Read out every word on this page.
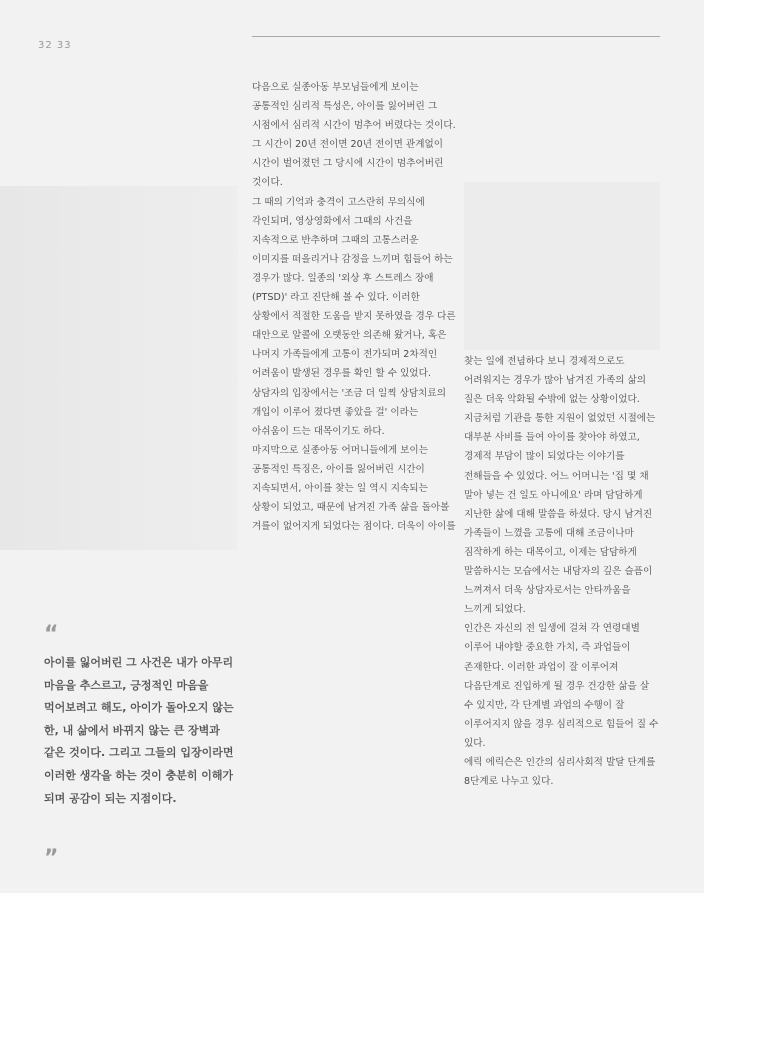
32 33

다음으로 실종아동 부모님들에게 보이는 공통적인 심리적 특성은, 아이를 잃어버린 그 시점에서 심리적 시간이 멈추어 버렸다는 것이다. 그 시간이 20년 전이면 20년 전이면 관계없이 시간이 벌어졌던 그 당시에 시간이 멈추어버린 것이다.

그 때의 기억과 충격이 고스란히 무의식에 각인되며, 영상영화에서 그때의 사건을 지속적으로 반추하며 그때의 고통스러운 이미지를 떠올리거나 감정을 느끼며 힘들어 하는 경우가 많다. 일종의 '외상 후 스트레스 장애(PTSD)' 라고 진단해 볼 수 있다. 이러한 상황에서 적절한 도움을 받지 못하였을 경우 다른 대안으로 알콜에 오랫동안 의존해 왔거나, 혹은 나머지 가족들에게 고통이 전가되며 2차적인 어려움이 발생된 경우를 확인 할 수 있었다. 상담자의 입장에서는 '조금 더 일찍 상담치료의 개입이 이루어 졌다면 좋았을 걸' 이라는 아쉬움이 드는 대목이기도 하다.

마지막으로 실종아동 어머니들에게 보이는 공통적인 특징은, 아이를 잃어버린 시간이 지속되면서, 아이를 찾는 일 역시 지속되는 상황이 되었고, 때문에 남겨진 가족 삶을 돌아볼 겨를이 없어지게 되었다는 점이다. 더욱이 아이를

찾는 일에 전념하다 보니 경제적으로도 어려워지는 경우가 많아 남겨진 가족의 삶의 질은 더욱 악화될 수밖에 없는 상황이었다. 지금처럼 기관을 통한 지원이 없었던 시절에는 대부분 사비를 들여 아이를 찾아야 하였고, 경제적 부담이 많이 되었다는 이야기를 전해들을 수 있었다. 어느 어머니는 '집 몇 채 말아 넣는 건 일도 아니에요' 라며 담담하게 지난한 삶에 대해 말씀을 하셨다. 당시 남겨진 가족들이 느꼈을 고통에 대해 조금이나마 짐작하게 하는 대목이고, 이제는 담담하게 말씀하시는 모습에서는 내담자의 깊은 슬픔이 느껴져서 더욱 상담자로서는 안타까움을 느끼게 되었다.

인간은 자신의 전 일생에 걸쳐 각 연령대별 이루어 내야할 중요한 가치, 즉 과업들이 존재한다. 이러한 과업이 잘 이루어져 다음단계로 진입하게 될 경우 건강한 삶을 살 수 있지만, 각 단계별 과업의 수행이 잘 이루어지지 않을 경우 심리적으로 힘들어 질 수 있다.

에릭 에릭슨은 인간의 심리사회적 발달 단계를 8단계로 나누고 있다.

“

아이를 잃어버린 그 사건은 내가 아무리 마음을 추스르고, 긍정적인 마음을 먹어보려고 해도, 아이가 돌아오지 않는 한, 내 삶에서 바뀌지 않는 큰 장벽과 같은 것이다. 그리고 그들의 입장이라면 이러한 생각을 하는 것이 충분히 이해가 되며 공감이 되는 지점이다.

”
